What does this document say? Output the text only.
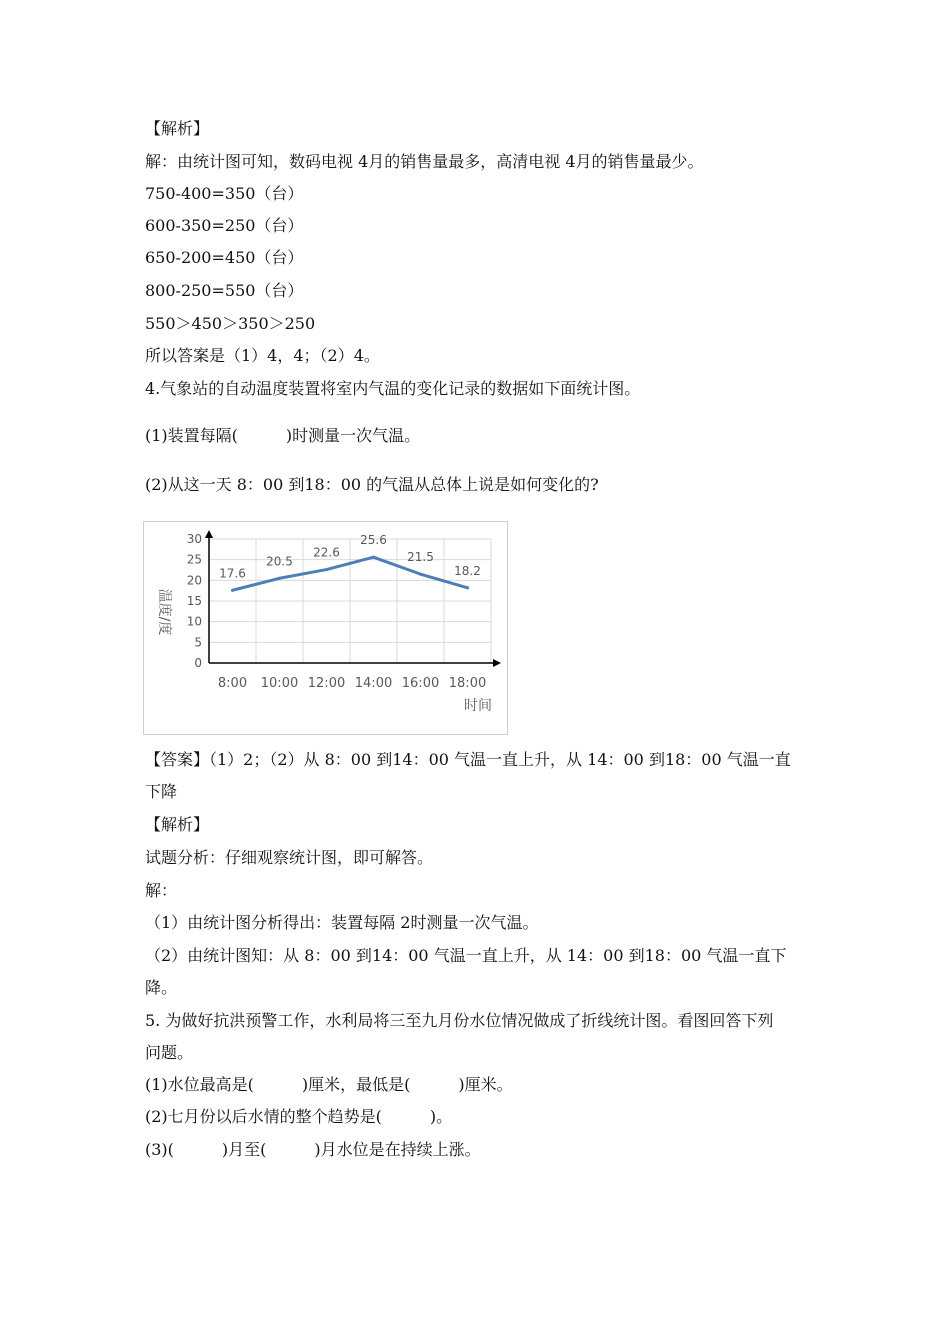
【解析】

解：由统计图可知，数码电视 4月的销售量最多，高清电视 4月的销售量最少。

750-400=350（台）

600-350=250（台）

650-200=450（台）

800-250=550（台）

550＞450＞350＞250

所以答案是（1）4，4；（2）4。

4.气象站的自动温度装置将室内气温的变化记录的数据如下面统计图。

(1)装置每隔(　　　)时测量一次气温。

(2)从这一天 8：00 到18：00 的气温从总体上说是如何变化的?

0
5
10
15
20
25
30
8:00 10:00 12:00 14:00 16:00 18:00
17.6
20.5
22.6
25.6
21.5
18.2
温度/度
时间

【答案】（1）2；（2）从 8：00 到14：00 气温一直上升，从 14：00 到18：00 气温一直

下降

【解析】

试题分析：仔细观察统计图，即可解答。

解：

（1）由统计图分析得出：装置每隔 2时测量一次气温。

（2）由统计图知：从 8：00 到14：00 气温一直上升，从 14：00 到18：00 气温一直下

降。

5. 为做好抗洪预警工作，水利局将三至九月份水位情况做成了折线统计图。看图回答下列

问题。

(1)水位最高是(　　　)厘米，最低是(　　　)厘米。

(2)七月份以后水情的整个趋势是(　　　)。

(3)(　　　)月至(　　　)月水位是在持续上涨。
